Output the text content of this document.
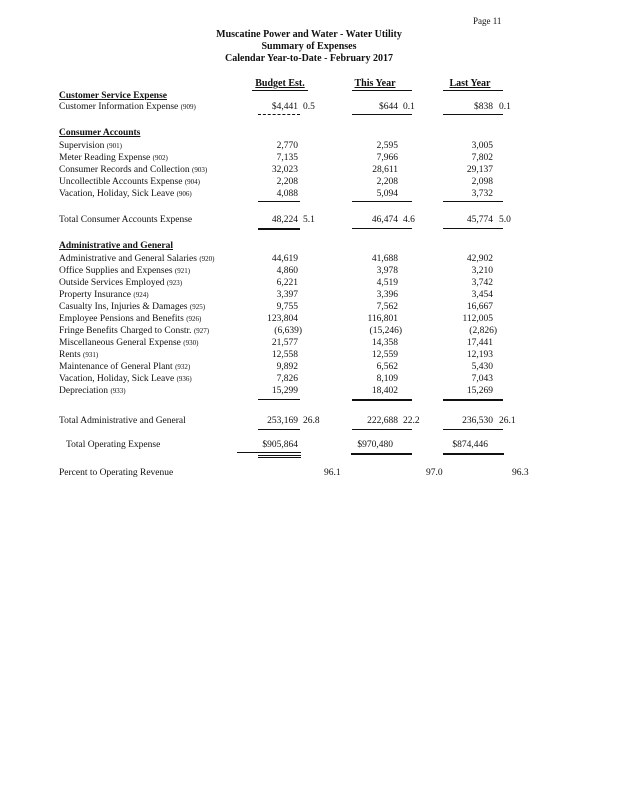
Page 11
Muscatine Power and Water - Water Utility
Summary of Expenses
Calendar Year-to-Date - February 2017
Budget Est.	This Year	Last Year
Customer Service Expense
Customer Information Expense (909)	$4,441 0.5	$644 0.1	$838 0.1
Consumer Accounts
Supervision (901)	2,770	2,595	3,005
Meter Reading Expense (902)	7,135	7,966	7,802
Consumer Records and Collection (903)	32,023	28,611	29,137
Uncollectible Accounts Expense (904)	2,208	2,208	2,098
Vacation, Holiday, Sick Leave (906)	4,088	5,094	3,732
Total Consumer Accounts Expense	48,224 5.1	46,474 4.6	45,774 5.0
Administrative and General
Administrative and General Salaries (920)	44,619	41,688	42,902
Office Supplies and Expenses (921)	4,860	3,978	3,210
Outside Services Employed (923)	6,221	4,519	3,742
Property Insurance (924)	3,397	3,396	3,454
Casualty Ins, Injuries & Damages (925)	9,755	7,562	16,667
Employee Pensions and Benefits (926)	123,804	116,801	112,005
Fringe Benefits Charged to Constr. (927)	(6,639)	(15,246)	(2,826)
Miscellaneous General Expense (930)	21,577	14,358	17,441
Rents (931)	12,558	12,559	12,193
Maintenance of General Plant (932)	9,892	6,562	5,430
Vacation, Holiday, Sick Leave (936)	7,826	8,109	7,043
Depreciation (933)	15,299	18,402	15,269
Total Administrative and General	253,169 26.8	222,688 22.2	236,530 26.1
Total Operating Expense	$905,864	$970,480	$874,446
Percent to Operating Revenue	96.1	97.0	96.3
